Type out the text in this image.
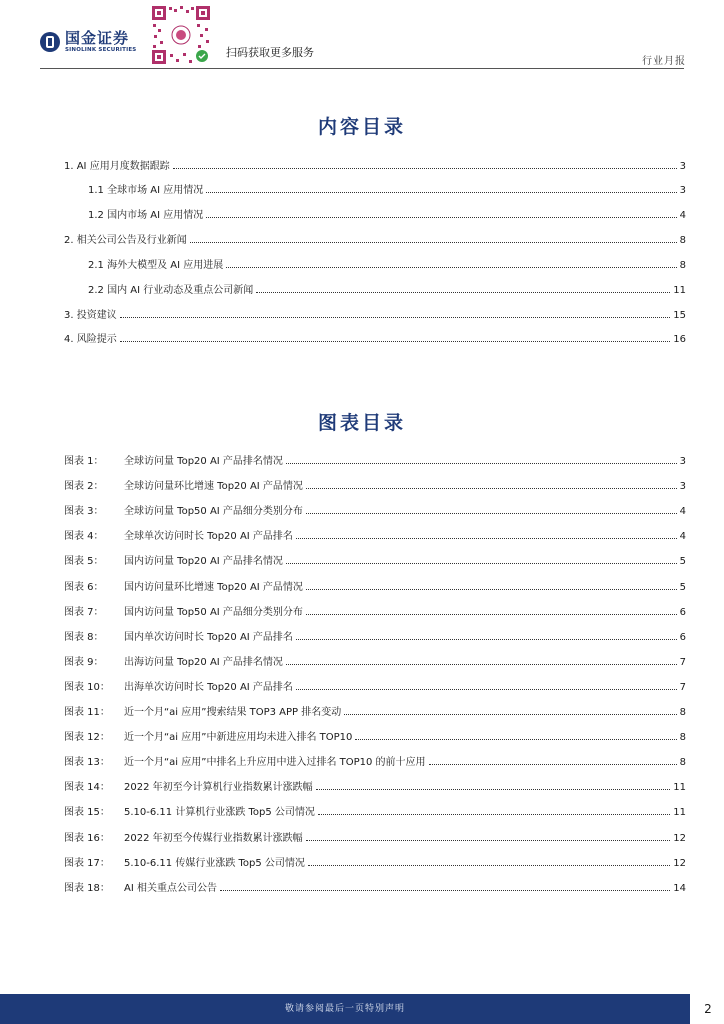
国金证券
SINOLINK SECURITIES	扫码获取更多服务
行业月报
内容目录
1. AI 应用月度数据跟踪	3
1.1 全球市场 AI 应用情况	3
1.2 国内市场 AI 应用情况	4
2. 相关公司公告及行业新闻	8
2.1 海外大模型及 AI 应用进展	8
2.2 国内 AI 行业动态及重点公司新闻	11
3. 投资建议	15
4. 风险提示	16
图表目录
图表 1：	全球访问量 Top20 AI 产品排名情况	3
图表 2：	全球访问量环比增速 Top20 AI 产品情况	3
图表 3：	全球访问量 Top50 AI 产品细分类别分布	4
图表 4：	全球单次访问时长 Top20 AI 产品排名	4
图表 5：	国内访问量 Top20 AI 产品排名情况	5
图表 6：	国内访问量环比增速 Top20 AI 产品情况	5
图表 7：	国内访问量 Top50 AI 产品细分类别分布	6
图表 8：	国内单次访问时长 Top20 AI 产品排名	6
图表 9：	出海访问量 Top20 AI 产品排名情况	7
图表 10：	出海单次访问时长 Top20 AI 产品排名	7
图表 11：	近一个月“ai 应用”搜索结果 TOP3 APP 排名变动	8
图表 12：	近一个月“ai 应用”中新进应用均未进入排名 TOP10	8
图表 13：	近一个月“ai 应用”中排名上升应用中进入过排名 TOP10 的前十应用	8
图表 14：	2022 年初至今计算机行业指数累计涨跌幅	11
图表 15：	5.10-6.11 计算机行业涨跌 Top5 公司情况	11
图表 16：	2022 年初至今传媒行业指数累计涨跌幅	12
图表 17：	5.10-6.11 传媒行业涨跌 Top5 公司情况	12
图表 18：	AI 相关重点公司公告	14
敬请参阅最后一页特别声明	2
